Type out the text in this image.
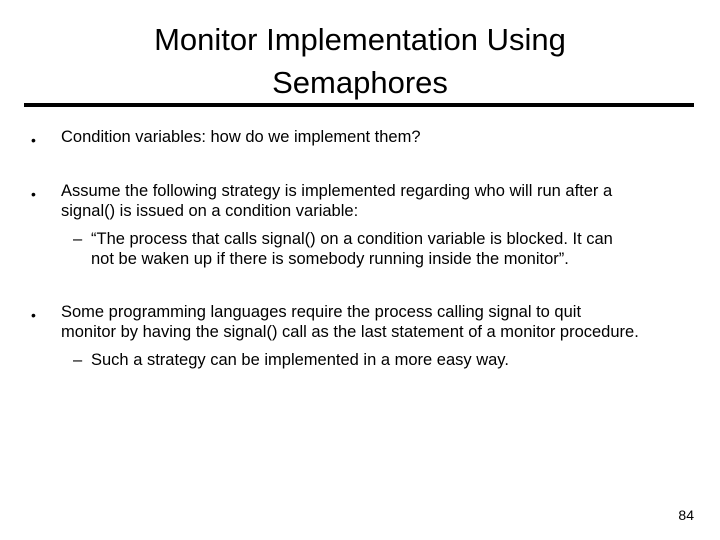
Monitor Implementation Using
Semaphores
• Condition variables: how do we implement them?
• Assume the following strategy is implemented regarding who will run after a
signal() is issued on a condition variable:
– “The process that calls signal() on a condition variable is blocked. It can
not be waken up if there is somebody running inside the monitor”.
• Some programming languages require the process calling signal to quit
monitor by having the signal() call as the last statement of a monitor procedure.
– Such a strategy can be implemented in a more easy way.
84
